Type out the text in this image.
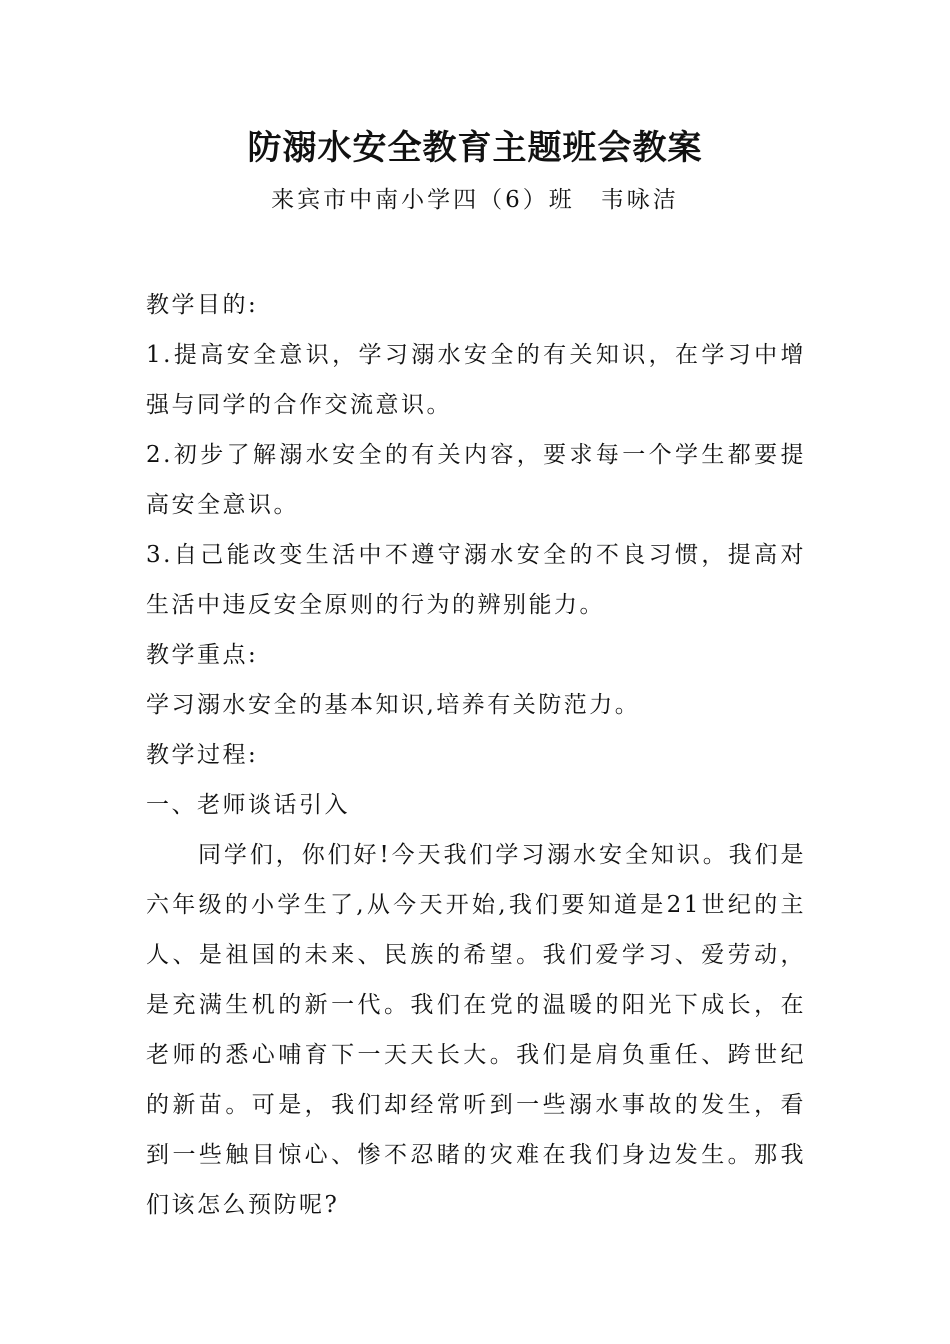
防溺水安全教育主题班会教案
来宾市中南小学四（6）班　韦咏洁

教学目的:

1.提高安全意识，学习溺水安全的有关知识，在学习中增强与同学的合作交流意识。

2.初步了解溺水安全的有关内容，要求每一个学生都要提高安全意识。

3.自己能改变生活中不遵守溺水安全的不良习惯，提高对生活中违反安全原则的行为的辨别能力。

教学重点:

学习溺水安全的基本知识,培养有关防范力。

教学过程:

一、老师谈话引入

同学们，你们好!今天我们学习溺水安全知识。我们是六年级的小学生了,从今天开始,我们要知道是21世纪的主人、是祖国的未来、民族的希望。我们爱学习、爱劳动，是充满生机的新一代。我们在党的温暖的阳光下成长，在老师的悉心哺育下一天天长大。我们是肩负重任、跨世纪的新苗。可是，我们却经常听到一些溺水事故的发生，看到一些触目惊心、惨不忍睹的灾难在我们身边发生。那我们该怎么预防呢?
